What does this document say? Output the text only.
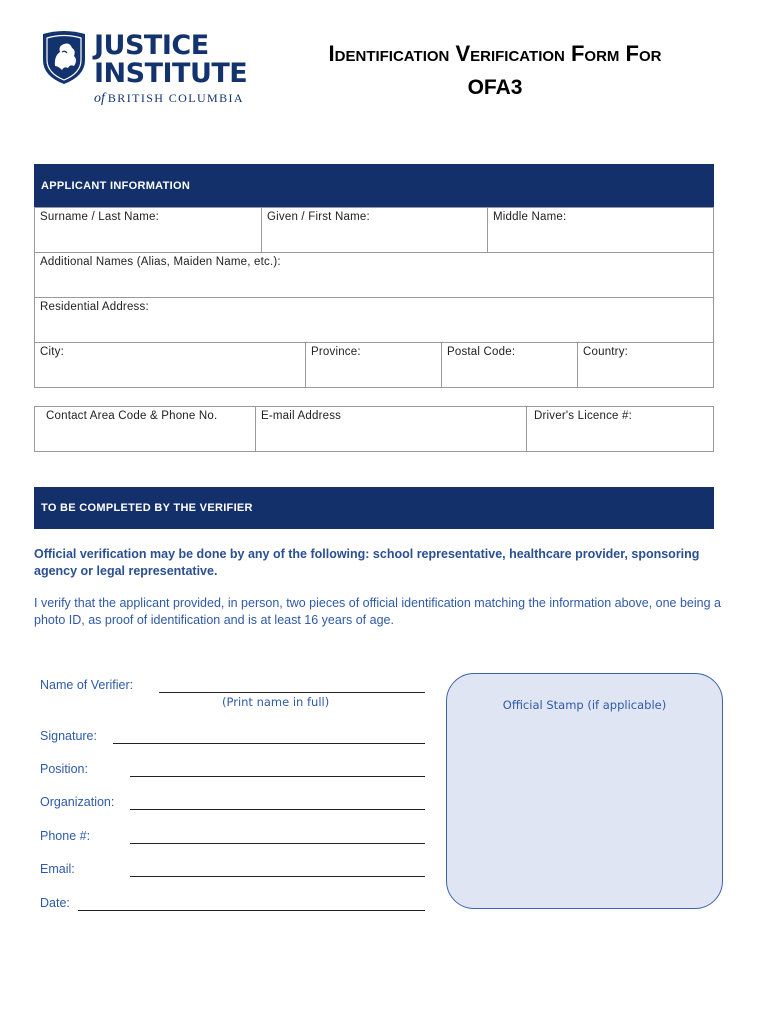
JUSTICE
INSTITUTE
of BRITISH COLUMBIA
Identification Verification Form For
OFA3
APPLICANT INFORMATION
Surname / Last Name:	Given / First Name:	Middle Name:
Additional Names (Alias, Maiden Name, etc.):
Residential Address:
City:	Province:	Postal Code:	Country:
Contact Area Code & Phone No.	E-mail Address	Driver's Licence #:
TO BE COMPLETED BY THE VERIFIER
Official verification may be done by any of the following: school representative, healthcare provider, sponsoring agency or legal representative.
I verify that the applicant provided, in person, two pieces of official identification matching the information above, one being a photo ID, as proof of identification and is at least 16 years of age.
Name of Verifier:
(Print name in full)
Signature:
Position:
Organization:
Phone #:
Email:
Date:
Official Stamp (if applicable)
